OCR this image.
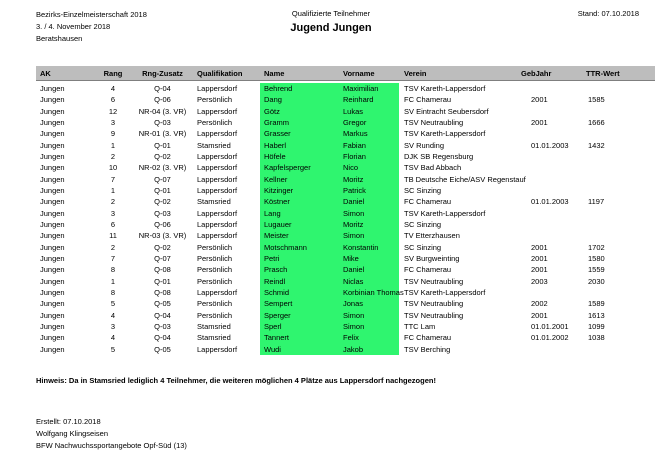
Bezirks-Einzelmeisterschaft 2018
3. / 4. November 2018
Beratshausen
Qualifizierte Teilnehmer
Jugend Jungen
Stand: 07.10.2018
AK	Rang	Rng-Zusatz	Qualifikation	Name	Vorname	Verein	GebJahr	TTR-Wert

Jungen	4	Q-04	Lappersdorf	Behrend	Maximilian	TSV Kareth-Lappersdorf		
Jungen	6	Q-06	Persönlich	Dang	Reinhard	FC Chamerau	2001	1585
Jungen	12	NR-04 (3. VR)	Lappersdorf	Götz	Lukas	SV Eintracht Seubersdorf		
Jungen	3	Q-03	Persönlich	Gramm	Gregor	TSV Neutraubling	2001	1666
Jungen	9	NR-01 (3. VR)	Lappersdorf	Grasser	Markus	TSV Kareth-Lappersdorf		
Jungen	1	Q-01	Stamsried	Haberl	Fabian	SV Runding	01.01.2003	1432
Jungen	2	Q-02	Lappersdorf	Höfele	Florian	DJK SB Regensburg		
Jungen	10	NR-02 (3. VR)	Lappersdorf	Kapfelsperger	Nico	TSV Bad Abbach		
Jungen	7	Q-07	Lappersdorf	Kellner	Moritz	TB Deutsche Eiche/ASV Regenstauf		
Jungen	1	Q-01	Lappersdorf	Kitzinger	Patrick	SC Sinzing		
Jungen	2	Q-02	Stamsried	Köstner	Daniel	FC Chamerau	01.01.2003	1197
Jungen	3	Q-03	Lappersdorf	Lang	Simon	TSV Kareth-Lappersdorf		
Jungen	6	Q-06	Lappersdorf	Lugauer	Moritz	SC Sinzing		
Jungen	11	NR-03 (3. VR)	Lappersdorf	Meister	Simon	TV Etterzhausen		
Jungen	2	Q-02	Persönlich	Motschmann	Konstantin	SC Sinzing	2001	1702
Jungen	7	Q-07	Persönlich	Petri	Mike	SV Burgweinting	2001	1580
Jungen	8	Q-08	Persönlich	Prasch	Daniel	FC Chamerau	2001	1559
Jungen	1	Q-01	Persönlich	Reindl	Niclas	TSV Neutraubling	2003	2030
Jungen	8	Q-08	Lappersdorf	Schmid	Korbinian Thomas	TSV Kareth-Lappersdorf		
Jungen	5	Q-05	Persönlich	Sempert	Jonas	TSV Neutraubling	2002	1589
Jungen	4	Q-04	Persönlich	Sperger	Simon	TSV Neutraubling	2001	1613
Jungen	3	Q-03	Stamsried	Sperl	Simon	TTC Lam	01.01.2001	1099
Jungen	4	Q-04	Stamsried	Tannert	Felix	FC Chamerau	01.01.2002	1038
Jungen	5	Q-05	Lappersdorf	Wudi	Jakob	TSV Berching		
Hinweis: Da in Stamsried lediglich 4 Teilnehmer, die weiteren möglichen 4 Plätze aus Lappersdorf nachgezogen!
Erstellt: 07.10.2018
Wolfgang Klingseisen
BFW Nachwuchssportangebote Opf-Süd (13)
